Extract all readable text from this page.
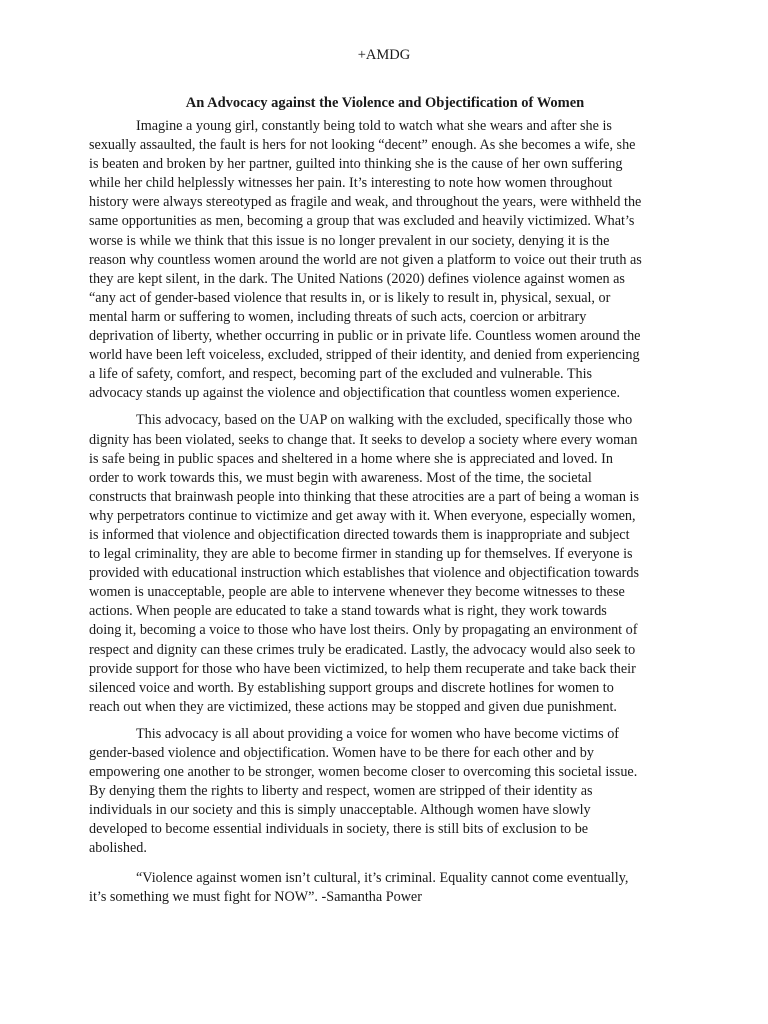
+AMDG
An Advocacy against the Violence and Objectification of Women
Imagine a young girl, constantly being told to watch what she wears and after she is
sexually assaulted, the fault is hers for not looking “decent” enough. As she becomes a wife, she
is beaten and broken by her partner, guilted into thinking she is the cause of her own suffering
while her child helplessly witnesses her pain. It’s interesting to note how women throughout
history were always stereotyped as fragile and weak, and throughout the years, were withheld the
same opportunities as men, becoming a group that was excluded and heavily victimized. What’s
worse is while we think that this issue is no longer prevalent in our society, denying it is the
reason why countless women around the world are not given a platform to voice out their truth as
they are kept silent, in the dark. The United Nations (2020) defines violence against women as
“any act of gender-based violence that results in, or is likely to result in, physical, sexual, or
mental harm or suffering to women, including threats of such acts, coercion or arbitrary
deprivation of liberty, whether occurring in public or in private life. Countless women around the
world have been left voiceless, excluded, stripped of their identity, and denied from experiencing
a life of safety, comfort, and respect, becoming part of the excluded and vulnerable. This
advocacy stands up against the violence and objectification that countless women experience.
This advocacy, based on the UAP on walking with the excluded, specifically those who
dignity has been violated, seeks to change that. It seeks to develop a society where every woman
is safe being in public spaces and sheltered in a home where she is appreciated and loved. In
order to work towards this, we must begin with awareness. Most of the time, the societal
constructs that brainwash people into thinking that these atrocities are a part of being a woman is
why perpetrators continue to victimize and get away with it. When everyone, especially women,
is informed that violence and objectification directed towards them is inappropriate and subject
to legal criminality, they are able to become firmer in standing up for themselves. If everyone is
provided with educational instruction which establishes that violence and objectification towards
women is unacceptable, people are able to intervene whenever they become witnesses to these
actions. When people are educated to take a stand towards what is right, they work towards
doing it, becoming a voice to those who have lost theirs. Only by propagating an environment of
respect and dignity can these crimes truly be eradicated. Lastly, the advocacy would also seek to
provide support for those who have been victimized, to help them recuperate and take back their
silenced voice and worth. By establishing support groups and discrete hotlines for women to
reach out when they are victimized, these actions may be stopped and given due punishment.
This advocacy is all about providing a voice for women who have become victims of
gender-based violence and objectification. Women have to be there for each other and by
empowering one another to be stronger, women become closer to overcoming this societal issue.
By denying them the rights to liberty and respect, women are stripped of their identity as
individuals in our society and this is simply unacceptable. Although women have slowly
developed to become essential individuals in society, there is still bits of exclusion to be
abolished.
“Violence against women isn’t cultural, it’s criminal. Equality cannot come eventually,
it’s something we must fight for NOW”. -Samantha Power
